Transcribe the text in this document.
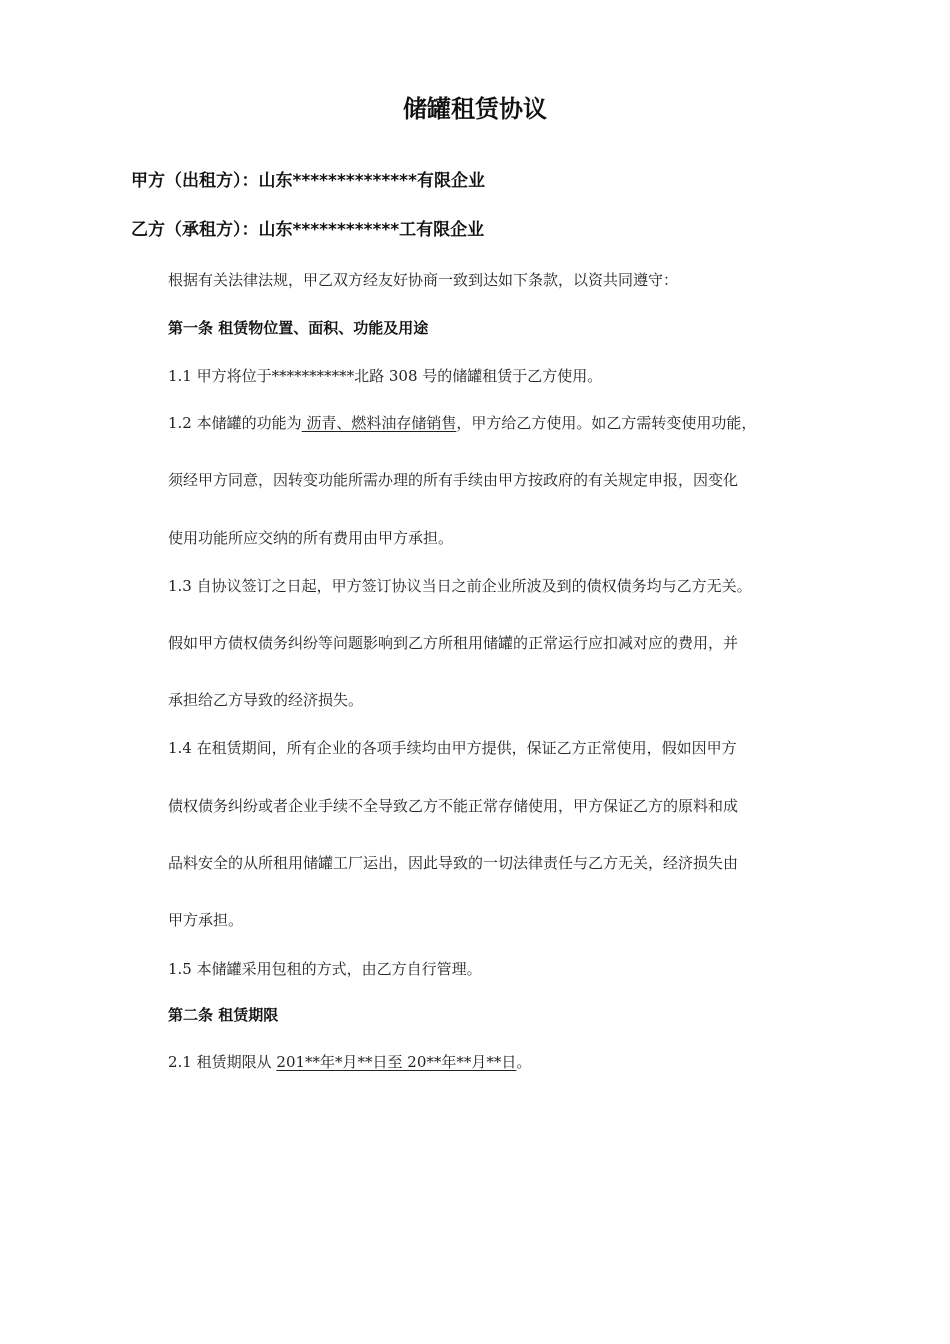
储罐租赁协议
甲方（出租方）：山东**************有限企业
乙方（承租方）：山东************工有限企业
根据有关法律法规，甲乙双方经友好协商一致到达如下条款，以资共同遵守：
第一条 租赁物位置、面积、功能及用途
1.1 甲方将位于***********北路 308 号的储罐租赁于乙方使用。
1.2 本储罐的功能为 沥青、燃料油存储销售，甲方给乙方使用。如乙方需转变使用功能，
须经甲方同意，因转变功能所需办理的所有手续由甲方按政府的有关规定申报，因变化
使用功能所应交纳的所有费用由甲方承担。
1.3 自协议签订之日起，甲方签订协议当日之前企业所波及到的债权债务均与乙方无关。
假如甲方债权债务纠纷等问题影响到乙方所租用储罐的正常运行应扣减对应的费用，并
承担给乙方导致的经济损失。
1.4 在租赁期间，所有企业的各项手续均由甲方提供，保证乙方正常使用，假如因甲方
债权债务纠纷或者企业手续不全导致乙方不能正常存储使用，甲方保证乙方的原料和成
品料安全的从所租用储罐工厂运出，因此导致的一切法律责任与乙方无关，经济损失由
甲方承担。
1.5 本储罐采用包租的方式，由乙方自行管理。
第二条 租赁期限
2.1 租赁期限从 201**年*月**日至 20**年**月**日。
